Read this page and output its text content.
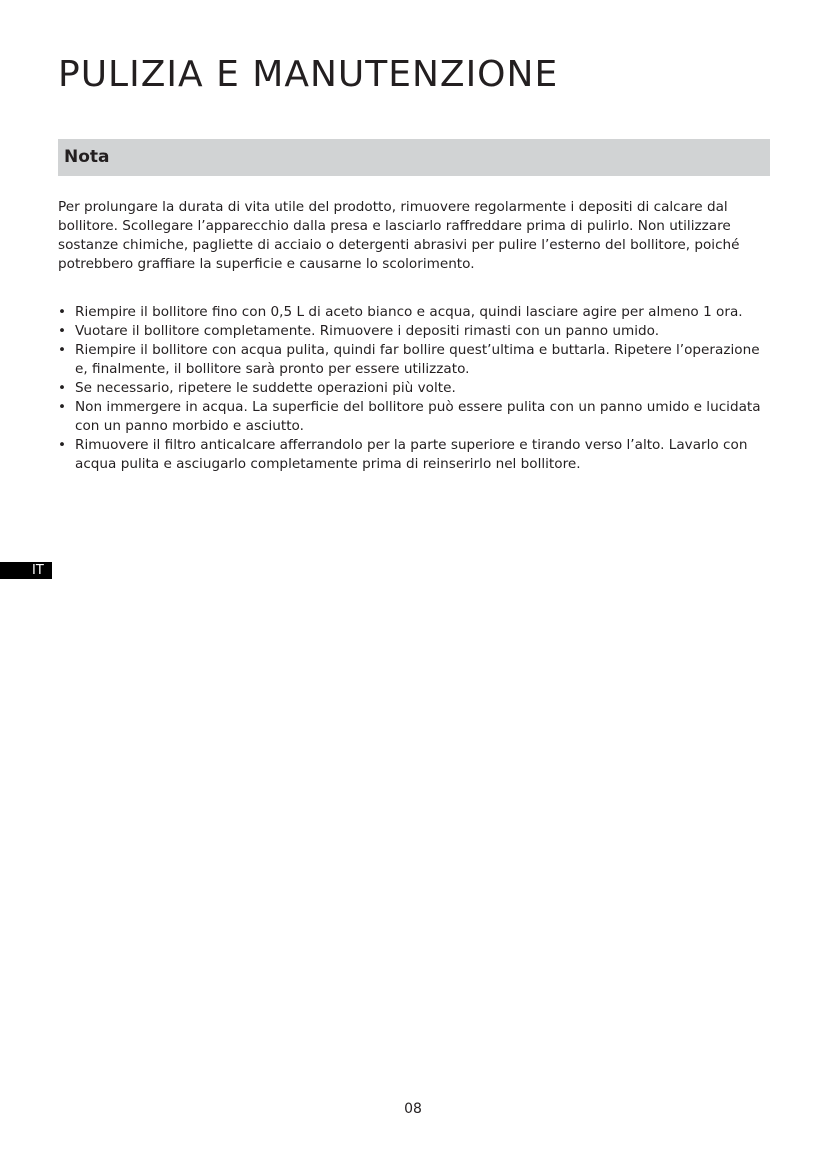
PULIZIA E MANUTENZIONE
Nota

Per prolungare la durata di vita utile del prodotto, rimuovere regolarmente i depositi di calcare dal bollitore. Scollegare l’apparecchio dalla presa e lasciarlo raffreddare prima di pulirlo. Non utilizzare sostanze chimiche, pagliette di acciaio o detergenti abrasivi per pulire l’esterno del bollitore, poiché potrebbero graffiare la superficie e causarne lo scolorimento.

• Riempire il bollitore fino con 0,5 L di aceto bianco e acqua, quindi lasciare agire per almeno 1 ora.
• Vuotare il bollitore completamente. Rimuovere i depositi rimasti con un panno umido.
• Riempire il bollitore con acqua pulita, quindi far bollire quest’ultima e buttarla. Ripetere l’operazione e, finalmente, il bollitore sarà pronto per essere utilizzato.
• Se necessario, ripetere le suddette operazioni più volte.
• Non immergere in acqua. La superficie del bollitore può essere pulita con un panno umido e lucidata con un panno morbido e asciutto.
• Rimuovere il filtro anticalcare afferrandolo per la parte superiore e tirando verso l’alto. Lavarlo con acqua pulita e asciugarlo completamente prima di reinserirlo nel bollitore.
IT
08
